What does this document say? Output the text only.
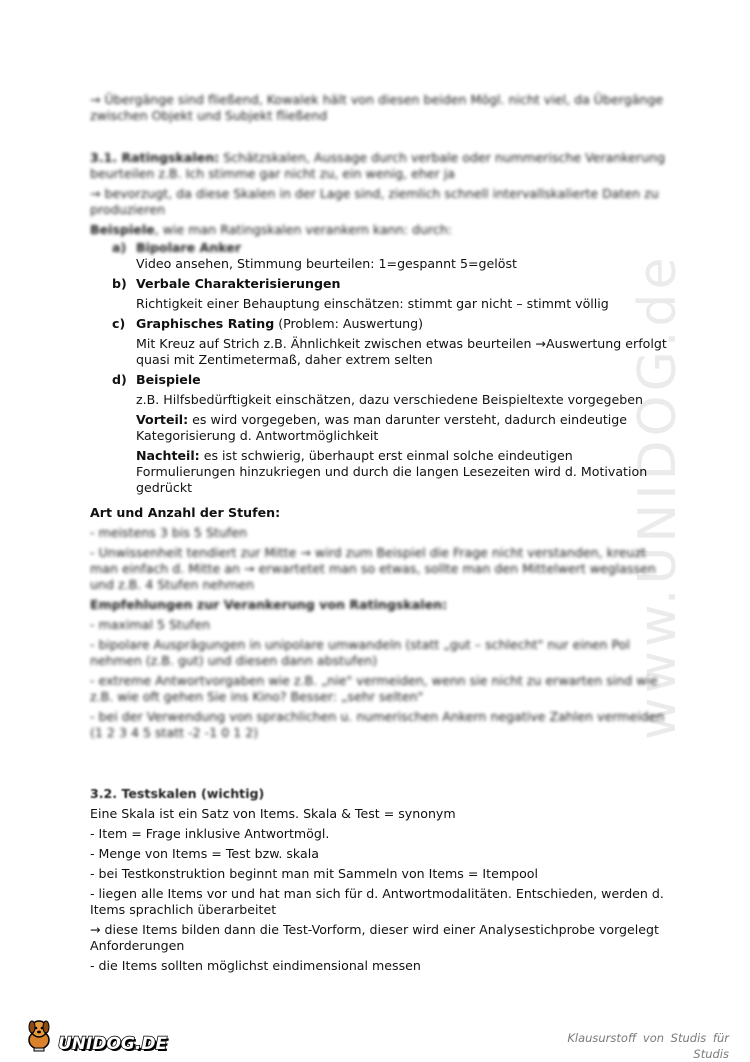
www.UNIDOG.de

→ Übergänge sind fließend, Kowalek hält von diesen beiden Mögl. nicht viel, da Übergänge zwischen Objekt und Subjekt fließend

3.1. Ratingskalen: Schätzskalen, Aussage durch verbale oder nummerische Verankerung beurteilen z.B. Ich stimme gar nicht zu, ein wenig, eher ja

→ bevorzugt, da diese Skalen in der Lage sind, ziemlich schnell intervallskalierte Daten zu produzieren

Beispiele, wie man Ratingskalen verankern kann: durch:

a) Bipolare Anker

Video ansehen, Stimmung beurteilen: 1=gespannt 5=gelöst

b) Verbale Charakterisierungen

Richtigkeit einer Behauptung einschätzen: stimmt gar nicht – stimmt völlig

c) Graphisches Rating (Problem: Auswertung)

Mit Kreuz auf Strich z.B. Ähnlichkeit zwischen etwas beurteilen →Auswertung erfolgt quasi mit Zentimetermaß, daher extrem selten

d) Beispiele

z.B. Hilfsbedürftigkeit einschätzen, dazu verschiedene Beispieltexte vorgegeben

Vorteil: es wird vorgegeben, was man darunter versteht, dadurch eindeutige Kategorisierung d. Antwortmöglichkeit

Nachteil: es ist schwierig, überhaupt erst einmal solche eindeutigen Formulierungen hinzukriegen und durch die langen Lesezeiten wird d. Motivation gedrückt

Art und Anzahl der Stufen:

- meistens 3 bis 5 Stufen

- Unwissenheit tendiert zur Mitte → wird zum Beispiel die Frage nicht verstanden, kreuzt man einfach d. Mitte an → erwartetet man so etwas, sollte man den Mittelwert weglassen und z.B. 4 Stufen nehmen

Empfehlungen zur Verankerung von Ratingskalen:

- maximal 5 Stufen

- bipolare Ausprägungen in unipolare umwandeln (statt „gut – schlecht" nur einen Pol nehmen (z.B. gut) und diesen dann abstufen)

- extreme Antwortvorgaben wie z.B. „nie" vermeiden, wenn sie nicht zu erwarten sind wie z.B. wie oft gehen Sie ins Kino? Besser: „sehr selten"

- bei der Verwendung von sprachlichen u. numerischen Ankern negative Zahlen vermeiden (1 2 3 4 5 statt -2 -1 0 1 2)

3.2. Testskalen (wichtig)

Eine Skala ist ein Satz von Items. Skala & Test = synonym

- Item = Frage inklusive Antwortmögl.

- Menge von Items = Test bzw. skala

- bei Testkonstruktion beginnt man mit Sammeln von Items = Itempool

- liegen alle Items vor und hat man sich für d. Antwortmodalitäten. Entschieden, werden d. Items sprachlich überarbeitet

→ diese Items bilden dann die Test-Vorform, dieser wird einer Analysestichprobe vorgelegt Anforderungen

- die Items sollten möglichst eindimensional messen

UNIDOG.DE	Klausurstoff von Studis für Studis
